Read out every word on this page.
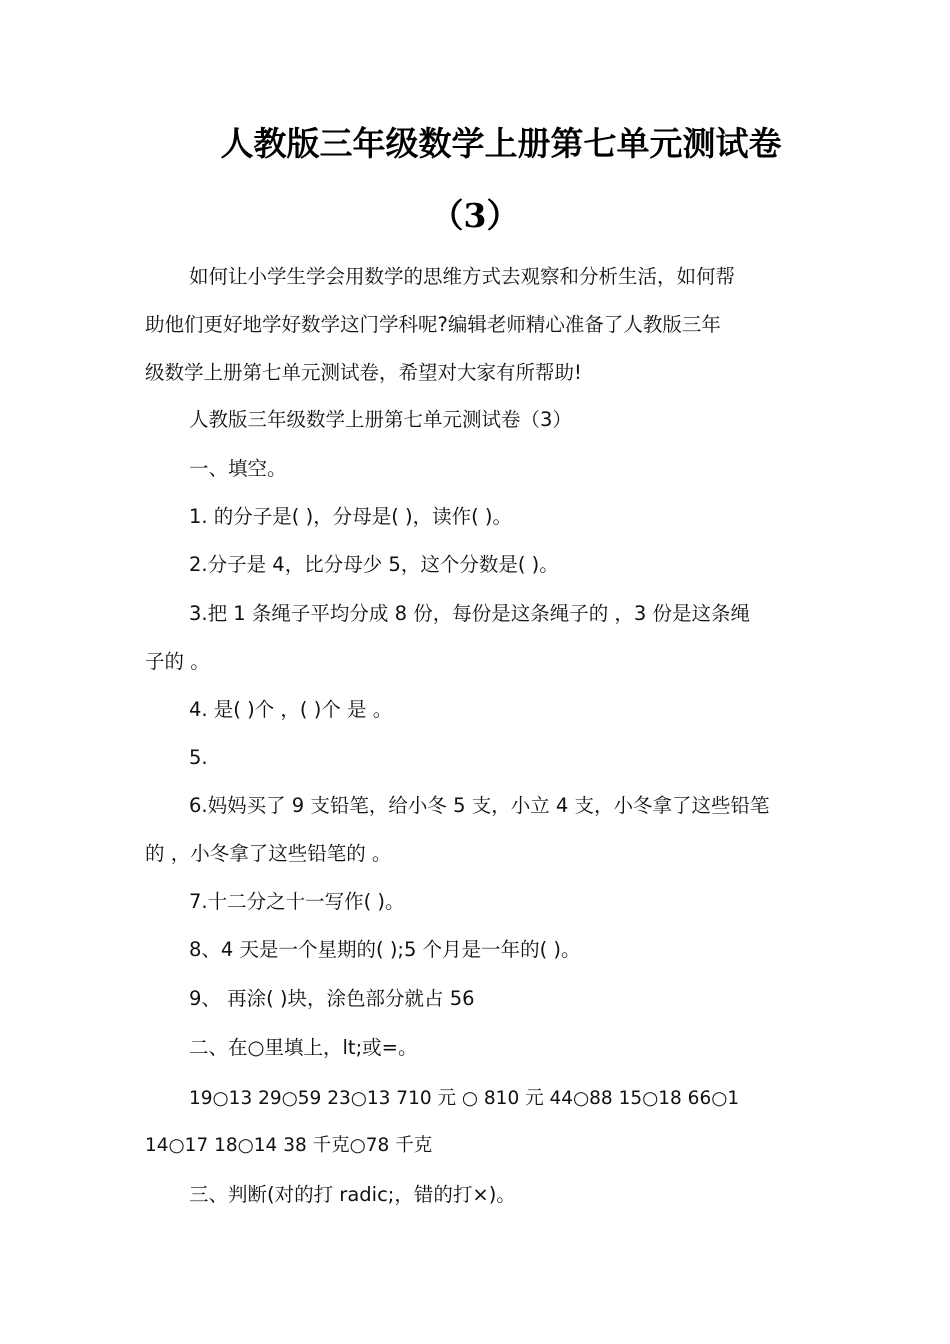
人教版三年级数学上册第七单元测试卷
（3）

如何让小学生学会用数学的思维方式去观察和分析生活，如何帮

助他们更好地学好数学这门学科呢?编辑老师精心准备了人教版三年

级数学上册第七单元测试卷，希望对大家有所帮助!

人教版三年级数学上册第七单元测试卷（3）

一、填空。

1. 的分子是( )，分母是( )，读作( )。

2.分子是 4，比分母少 5，这个分数是( )。

3.把 1 条绳子平均分成 8 份，每份是这条绳子的 ，3 份是这条绳

子的 。

4. 是( )个 ，( )个 是 。

5.

6.妈妈买了 9 支铅笔，给小冬 5 支，小立 4 支，小冬拿了这些铅笔

的 ，小冬拿了这些铅笔的 。

7.十二分之十一写作( )。

8、4 天是一个星期的( );5 个月是一年的( )。

9、 再涂( )块，涂色部分就占 56

二、在○里填上，lt;或=。

19○13 29○59 23○13 710 元 ○ 810 元 44○88 15○18 66○1

14○17 18○14 38 千克○78 千克

三、判断(对的打 radic;，错的打×)。
